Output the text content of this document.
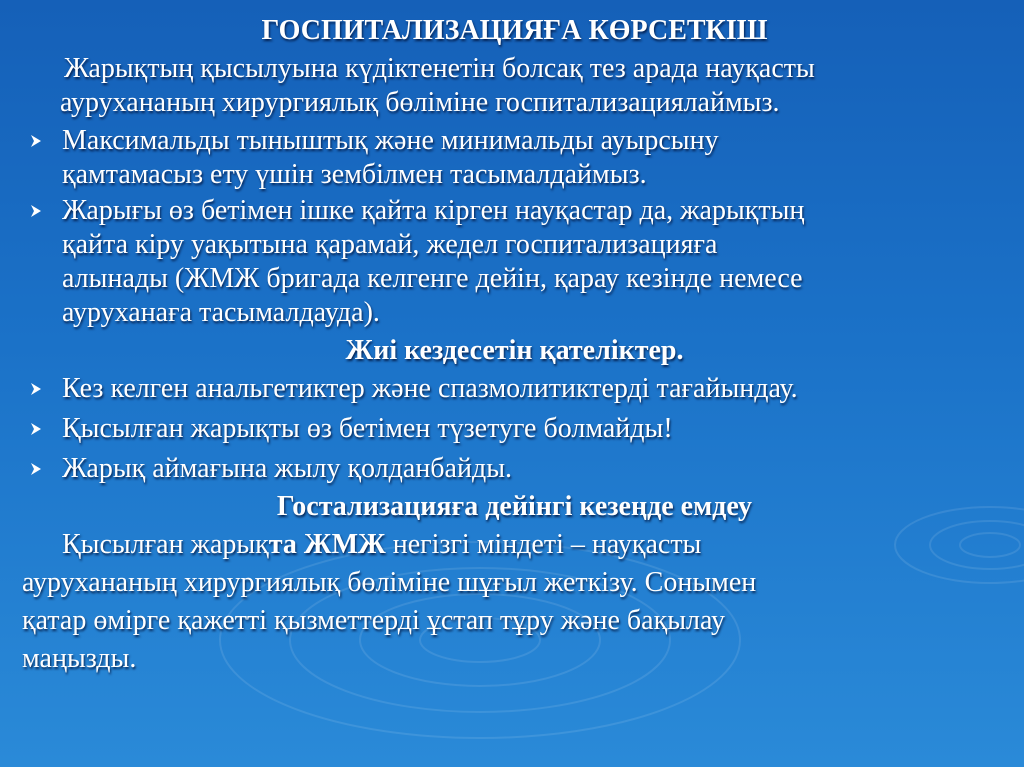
ГОСПИТАЛИЗАЦИЯҒА КӨРСЕТКІШ
Жарықтың қысылуына күдіктенетін болсақ тез арада науқасты
аурухананың хирургиялық бөліміне госпитализациялаймыз.
Максимальды тыныштық және минимальды ауырсыну
қамтамасыз ету үшін зембілмен тасымалдаймыз.
Жарығы өз бетімен ішке қайта кірген науқастар да, жарықтың
қайта кіру уақытына қарамай, жедел госпитализацияға
алынады (ЖМЖ бригада келгенге дейін, қарау кезінде немесе
ауруханаға тасымалдауда).
Жиі кездесетін қателіктер.
Кез келген анальгетиктер және спазмолитиктерді тағайындау.
Қысылған жарықты өз бетімен түзетуге болмайды!
Жарық аймағына жылу қолданбайды.
Гостализацияға дейінгі кезеңде емдеу
Қысылған жарықта ЖМЖ негізгі міндеті – науқасты
аурухананың хирургиялық бөліміне шұғыл жеткізу. Сонымен
қатар өмірге қажетті қызметтерді ұстап тұру және бақылау
маңызды.
